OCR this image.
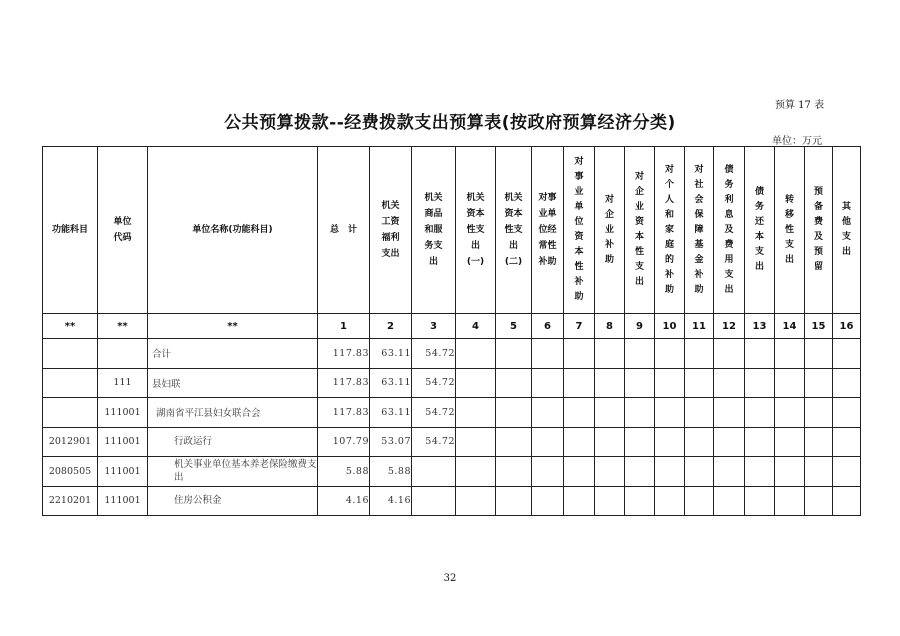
预算 17 表
公共预算拨款--经费拨款支出预算表(按政府预算经济分类)
单位：万元
功能科目	单位代码	单位名称(功能科目)	总　计	机关工资福利支出	机关商品和服务支出	机关资本性支出(一)	机关资本性支出(二)	对事业单位经常性补助	对事业单位资本性补助	对企业补助	对企业资本性支出	对个人和家庭的补助	对社会保障基金补助	债务利息及费用支出	债务还本支出	转移性支出	预备费及预留	其他支出
**	**	**	1	2	3	4	5	6	7	8	9	10	11	12	13	14	15	16
		合计	117.83	63.11	54.72													
	111	县妇联	117.83	63.11	54.72													
	111001	湖南省平江县妇女联合会	117.83	63.11	54.72													
2012901	111001	行政运行	107.79	53.07	54.72													
2080505	111001	机关事业单位基本养老保险缴费支出	5.88	5.88														
2210201	111001	住房公积金	4.16	4.16														
32
